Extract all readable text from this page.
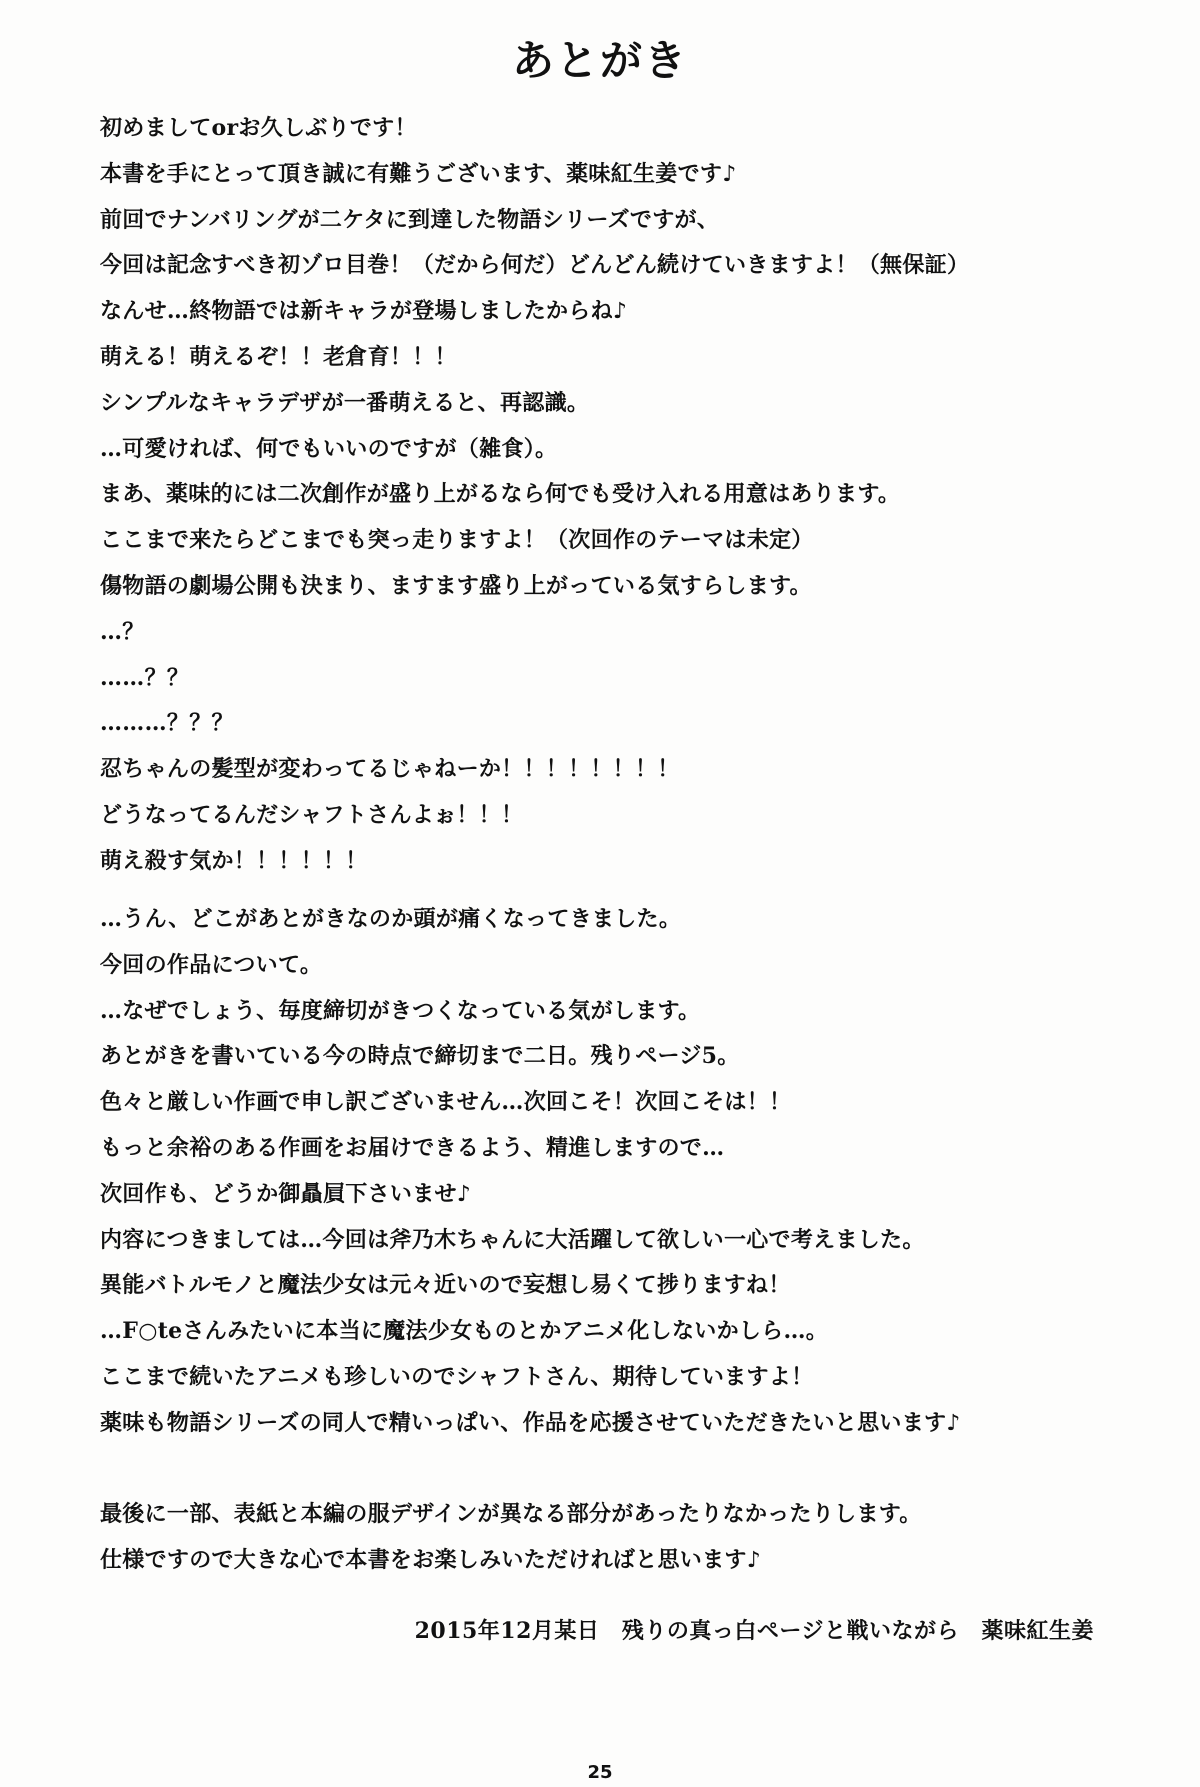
あとがき
初めましてorお久しぶりです！
本書を手にとって頂き誠に有難うございます、薬味紅生姜です♪
前回でナンバリングが二ケタに到達した物語シリーズですが、
今回は記念すべき初ゾロ目巻！（だから何だ）どんどん続けていきますよ！（無保証）
なんせ…終物語では新キャラが登場しましたからね♪
萌える！萌えるぞ！！老倉育！！！
シンプルなキャラデザが一番萌えると、再認識。
…可愛ければ、何でもいいのですが（雑食）。
まあ、薬味的には二次創作が盛り上がるなら何でも受け入れる用意はあります。
ここまで来たらどこまでも突っ走りますよ！（次回作のテーマは未定）
傷物語の劇場公開も決まり、ますます盛り上がっている気すらします。
…？
……？？
………？？？
忍ちゃんの髪型が変わってるじゃねーか！！！！！！！！
どうなってるんだシャフトさんよぉ！！！
萌え殺す気か！！！！！！
…うん、どこがあとがきなのか頭が痛くなってきました。
今回の作品について。
…なぜでしょう、毎度締切がきつくなっている気がします。
あとがきを書いている今の時点で締切まで二日。残りページ5。
色々と厳しい作画で申し訳ございません…次回こそ！次回こそは！！
もっと余裕のある作画をお届けできるよう、精進しますので…
次回作も、どうか御贔屓下さいませ♪
内容につきましては…今回は斧乃木ちゃんに大活躍して欲しい一心で考えました。
異能バトルモノと魔法少女は元々近いので妄想し易くて捗りますね！
…F○teさんみたいに本当に魔法少女ものとかアニメ化しないかしら…。
ここまで続いたアニメも珍しいのでシャフトさん、期待していますよ！
薬味も物語シリーズの同人で精いっぱい、作品を応援させていただきたいと思います♪
最後に一部、表紙と本編の服デザインが異なる部分があったりなかったりします。
仕様ですので大きな心で本書をお楽しみいただければと思います♪
2015年12月某日　残りの真っ白ページと戦いながら　薬味紅生姜
25
